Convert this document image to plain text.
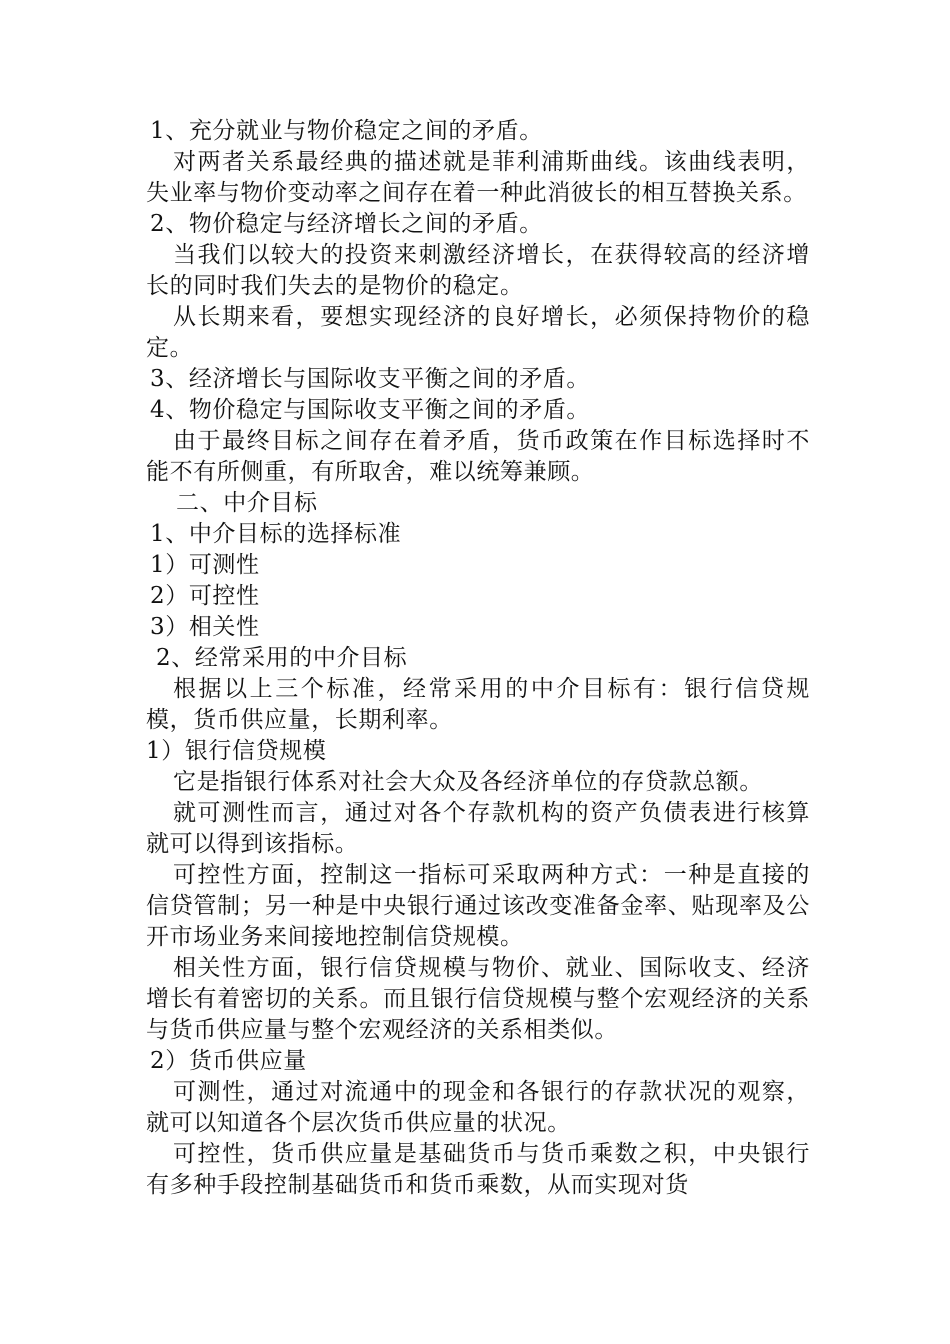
1、充分就业与物价稳定之间的矛盾。

对两者关系最经典的描述就是菲利浦斯曲线。该曲线表明，失业率与物价变动率之间存在着一种此消彼长的相互替换关系。

2、物价稳定与经济增长之间的矛盾。

当我们以较大的投资来刺激经济增长，在获得较高的经济增长的同时我们失去的是物价的稳定。

从长期来看，要想实现经济的良好增长，必须保持物价的稳定。

3、经济增长与国际收支平衡之间的矛盾。

4、物价稳定与国际收支平衡之间的矛盾。

由于最终目标之间存在着矛盾，货币政策在作目标选择时不能不有所侧重，有所取舍，难以统筹兼顾。

二、中介目标

1、中介目标的选择标准

1）可测性

2）可控性

3）相关性

2、经常采用的中介目标

根据以上三个标准，经常采用的中介目标有：银行信贷规模，货币供应量，长期利率。

1）银行信贷规模

它是指银行体系对社会大众及各经济单位的存贷款总额。

就可测性而言，通过对各个存款机构的资产负债表进行核算就可以得到该指标。

可控性方面，控制这一指标可采取两种方式：一种是直接的信贷管制；另一种是中央银行通过该改变准备金率、贴现率及公开市场业务来间接地控制信贷规模。

相关性方面，银行信贷规模与物价、就业、国际收支、经济增长有着密切的关系。而且银行信贷规模与整个宏观经济的关系与货币供应量与整个宏观经济的关系相类似。

2）货币供应量

可测性，通过对流通中的现金和各银行的存款状况的观察，就可以知道各个层次货币供应量的状况。

可控性，货币供应量是基础货币与货币乘数之积，中央银行有多种手段控制基础货币和货币乘数，从而实现对货
